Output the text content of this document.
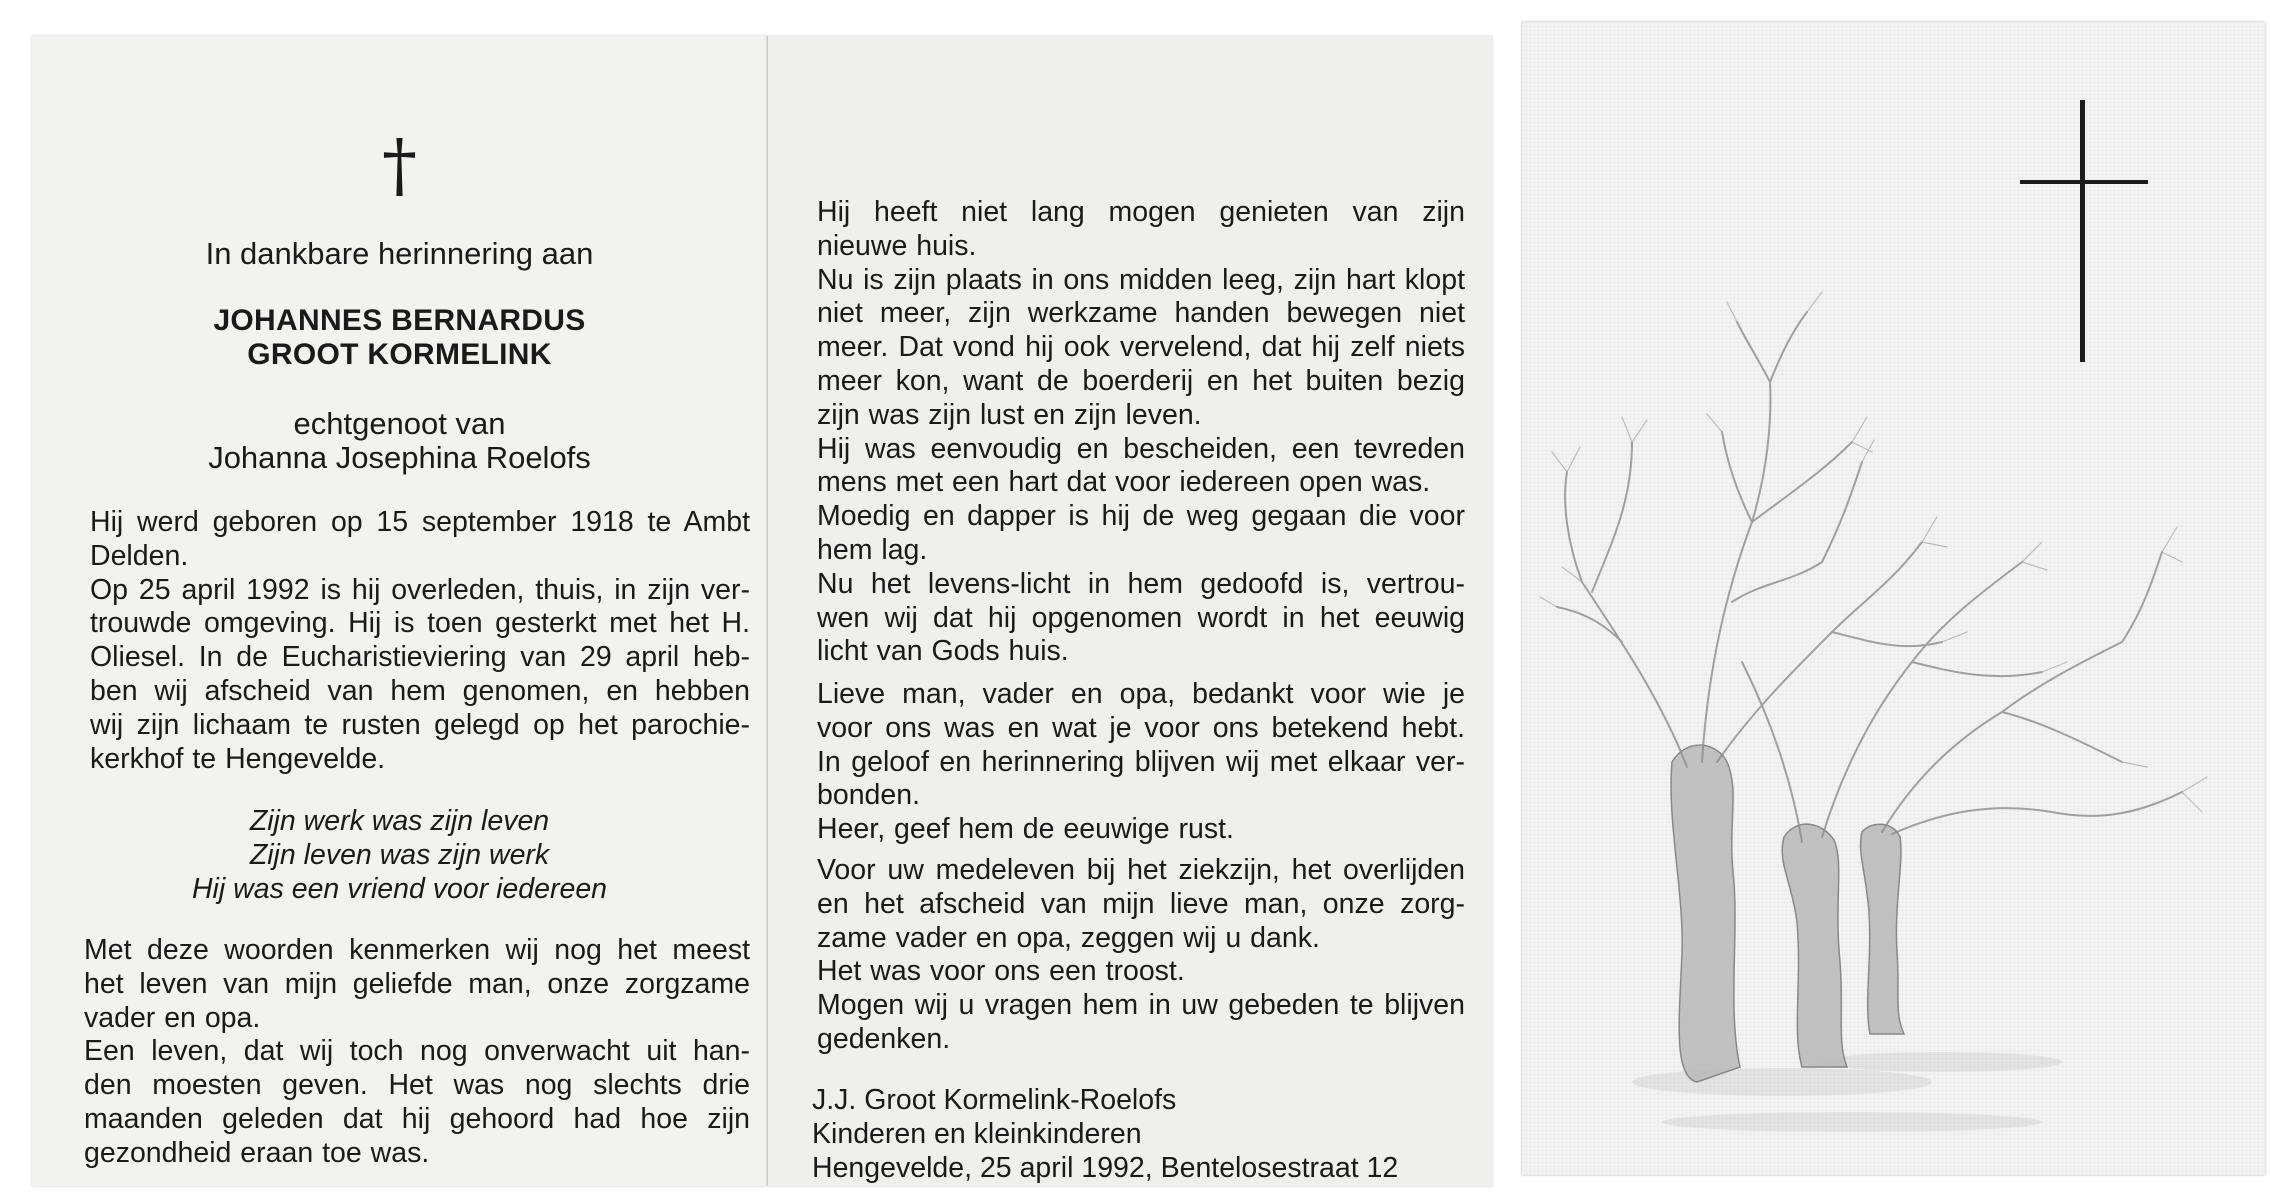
†
In dankbare herinnering aan
JOHANNES BERNARDUS
GROOT KORMELINK
echtgenoot van
Johanna Josephina Roelofs
Hij werd geboren op 15 september 1918 te Ambt
Delden.
Op 25 april 1992 is hij overleden, thuis, in zijn ver-
trouwde omgeving. Hij is toen gesterkt met het H.
Oliesel. In de Eucharistieviering van 29 april heb-
ben wij afscheid van hem genomen, en hebben
wij zijn lichaam te rusten gelegd op het parochie-
kerkhof te Hengevelde.
Zijn werk was zijn leven
Zijn leven was zijn werk
Hij was een vriend voor iedereen
Met deze woorden kenmerken wij nog het meest
het leven van mijn geliefde man, onze zorgzame
vader en opa.
Een leven, dat wij toch nog onverwacht uit han-
den moesten geven. Het was nog slechts drie
maanden geleden dat hij gehoord had hoe zijn
gezondheid eraan toe was.
Hij heeft niet lang mogen genieten van zijn
nieuwe huis.
Nu is zijn plaats in ons midden leeg, zijn hart klopt
niet meer, zijn werkzame handen bewegen niet
meer. Dat vond hij ook vervelend, dat hij zelf niets
meer kon, want de boerderij en het buiten bezig
zijn was zijn lust en zijn leven.
Hij was eenvoudig en bescheiden, een tevreden
mens met een hart dat voor iedereen open was.
Moedig en dapper is hij de weg gegaan die voor
hem lag.
Nu het levens-licht in hem gedoofd is, vertrou-
wen wij dat hij opgenomen wordt in het eeuwig
licht van Gods huis.
Lieve man, vader en opa, bedankt voor wie je
voor ons was en wat je voor ons betekend hebt.
In geloof en herinnering blijven wij met elkaar ver-
bonden.
Heer, geef hem de eeuwige rust.
Voor uw medeleven bij het ziekzijn, het overlijden
en het afscheid van mijn lieve man, onze zorg-
zame vader en opa, zeggen wij u dank.
Het was voor ons een troost.
Mogen wij u vragen hem in uw gebeden te blijven
gedenken.
J.J. Groot Kormelink-Roelofs
Kinderen en kleinkinderen
Hengevelde, 25 april 1992, Bentelosestraat 12
